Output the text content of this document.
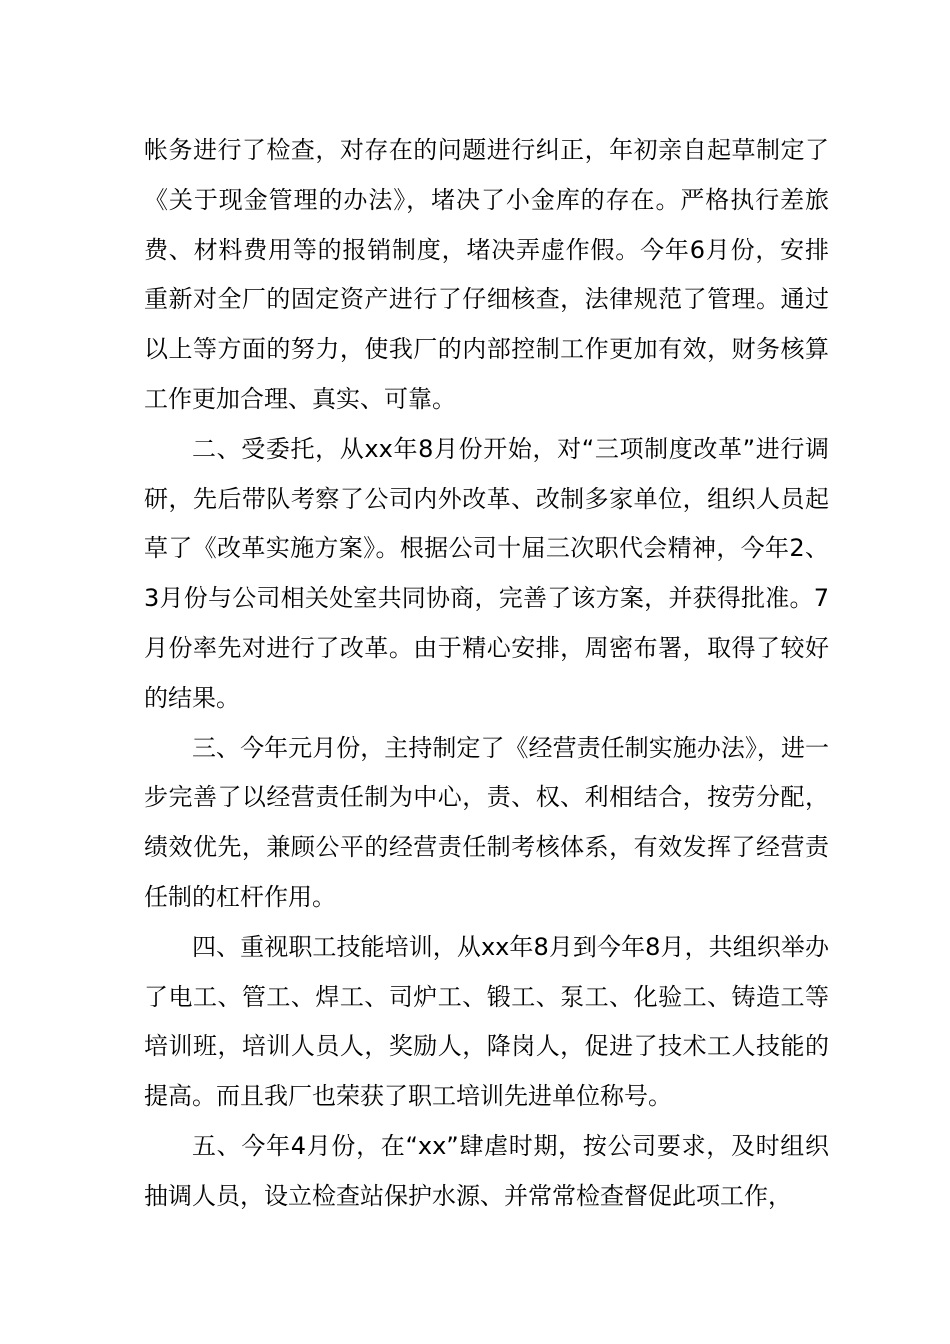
帐务进行了检查，对存在的问题进行纠正，年初亲自起草制定了《关于现金管理的办法》，堵决了小金库的存在。严格执行差旅费、材料费用等的报销制度，堵决弄虚作假。今年6月份，安排重新对全厂的固定资产进行了仔细核查，法律规范了管理。通过以上等方面的努力，使我厂的内部控制工作更加有效，财务核算工作更加合理、真实、可靠。

二、受委托，从xx年8月份开始，对“三项制度改革”进行调研，先后带队考察了公司内外改革、改制多家单位，组织人员起草了《改革实施方案》。根据公司十届三次职代会精神，今年2、3月份与公司相关处室共同协商，完善了该方案，并获得批准。7月份率先对进行了改革。由于精心安排，周密布署，取得了较好的结果。

三、今年元月份，主持制定了《经营责任制实施办法》，进一步完善了以经营责任制为中心，责、权、利相结合，按劳分配，绩效优先，兼顾公平的经营责任制考核体系，有效发挥了经营责任制的杠杆作用。

四、重视职工技能培训，从xx年8月到今年8月，共组织举办了电工、管工、焊工、司炉工、锻工、泵工、化验工、铸造工等培训班，培训人员人，奖励人，降岗人，促进了技术工人技能的提高。而且我厂也荣获了职工培训先进单位称号。

五、今年4月份，在“xx”肆虐时期，按公司要求，及时组织抽调人员，设立检查站保护水源、并常常检查督促此项工作，
